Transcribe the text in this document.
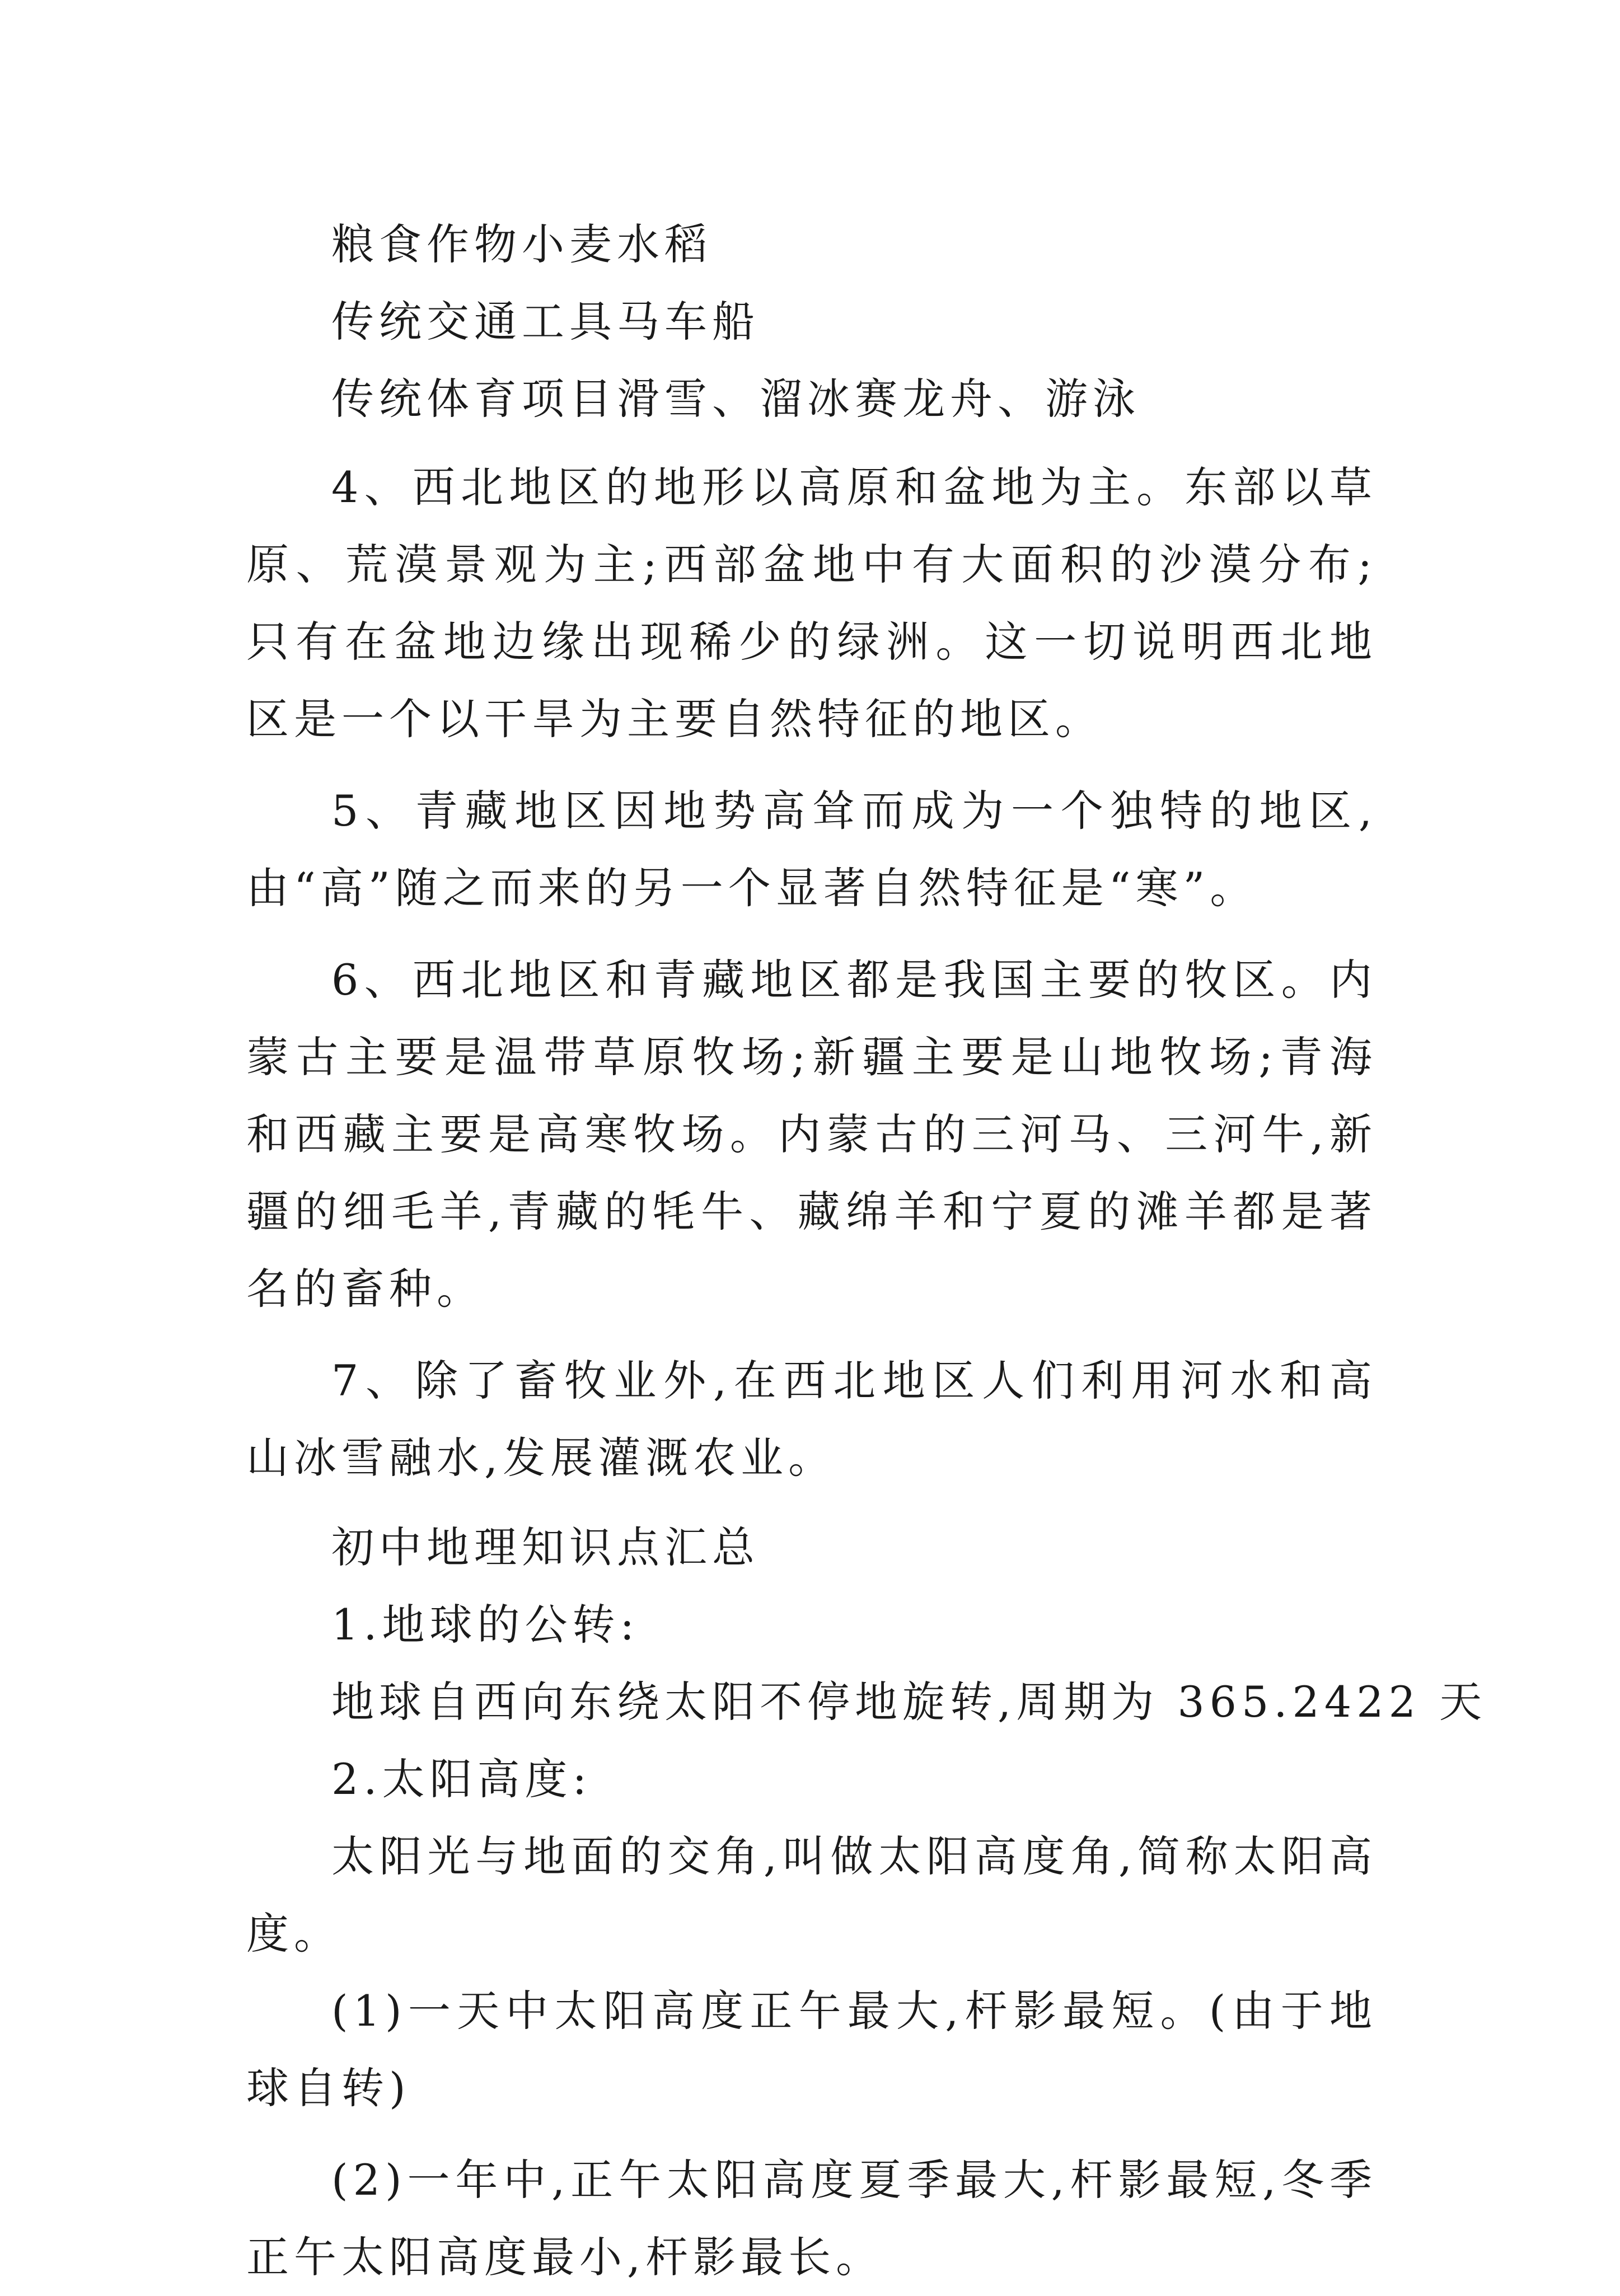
粮食作物小麦水稻

传统交通工具马车船

传统体育项目滑雪、溜冰赛龙舟、游泳

4、西北地区的地形以高原和盆地为主。东部以草原、荒漠景观为主;西部盆地中有大面积的沙漠分布;只有在盆地边缘出现稀少的绿洲。这一切说明西北地区是一个以干旱为主要自然特征的地区。

5、青藏地区因地势高耸而成为一个独特的地区,由“高”随之而来的另一个显著自然特征是“寒”。

6、西北地区和青藏地区都是我国主要的牧区。内蒙古主要是温带草原牧场;新疆主要是山地牧场;青海和西藏主要是高寒牧场。内蒙古的三河马、三河牛,新疆的细毛羊,青藏的牦牛、藏绵羊和宁夏的滩羊都是著名的畜种。

7、除了畜牧业外,在西北地区人们利用河水和高山冰雪融水,发展灌溉农业。

初中地理知识点汇总

1.地球的公转:

地球自西向东绕太阳不停地旋转,周期为 365.2422 天

2.太阳高度:

太阳光与地面的交角,叫做太阳高度角,简称太阳高度。

(1)一天中太阳高度正午最大,杆影最短。(由于地球自转)

(2)一年中,正午太阳高度夏季最大,杆影最短,冬季正午太阳高度最小,杆影最长。
